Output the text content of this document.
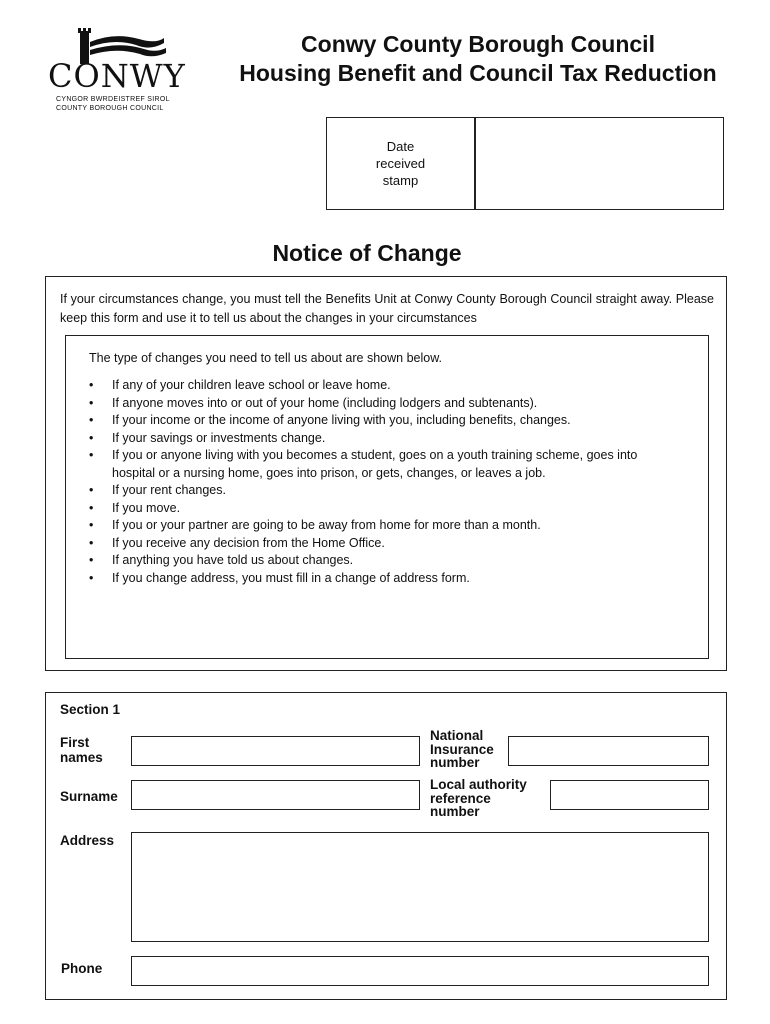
CONWY
CYNGOR BWRDEISTREF SIROL
COUNTY BOROUGH COUNCIL
Conwy County Borough Council
Housing Benefit and Council Tax Reduction
Date
received
stamp
Notice of Change
If your circumstances change, you must tell the Benefits Unit at Conwy County Borough Council straight away. Please keep this form and use it to tell us about the changes in your circumstances
The type of changes you need to tell us about are shown below.
• If any of your children leave school or leave home.
• If anyone moves into or out of your home (including lodgers and subtenants).
• If your income or the income of anyone living with you, including benefits, changes.
• If your savings or investments change.
• If you or anyone living with you becomes a student, goes on a youth training scheme, goes into hospital or a nursing home, goes into prison, or gets, changes, or leaves a job.
• If your rent changes.
• If you move.
• If you or your partner are going to be away from home for more than a month.
• If you receive any decision from the Home Office.
• If anything you have told us about changes.
• If you change address, you must fill in a change of address form.
Section 1
First
names
National
Insurance
number
Surname
Local authority
reference
number
Address
Phone
